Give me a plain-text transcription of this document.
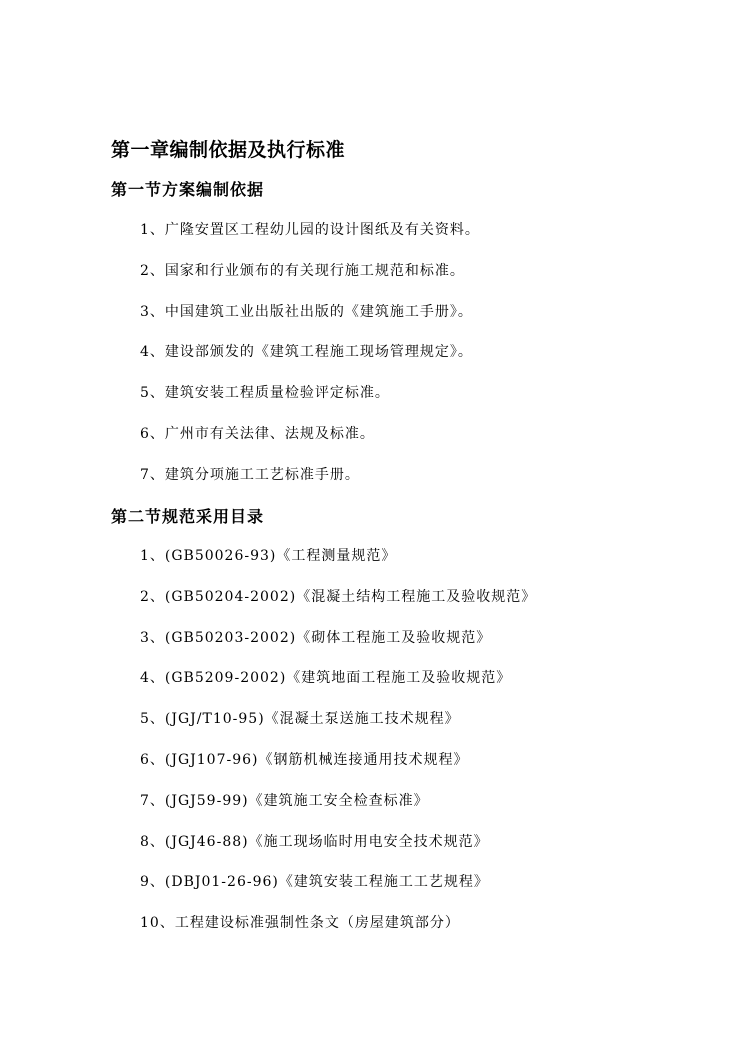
第一章编制依据及执行标准
第一节方案编制依据
1、广隆安置区工程幼儿园的设计图纸及有关资料。
2、国家和行业颁布的有关现行施工规范和标准。
3、中国建筑工业出版社出版的《建筑施工手册》。
4、建设部颁发的《建筑工程施工现场管理规定》。
5、建筑安装工程质量检验评定标准。
6、广州市有关法律、法规及标准。
7、建筑分项施工工艺标准手册。
第二节规范采用目录
1、(GB50026-93)《工程测量规范》
2、(GB50204-2002)《混凝土结构工程施工及验收规范》
3、(GB50203-2002)《砌体工程施工及验收规范》
4、(GB5209-2002)《建筑地面工程施工及验收规范》
5、(JGJ/T10-95)《混凝土泵送施工技术规程》
6、(JGJ107-96)《钢筋机械连接通用技术规程》
7、(JGJ59-99)《建筑施工安全检查标准》
8、(JGJ46-88)《施工现场临时用电安全技术规范》
9、(DBJ01-26-96)《建筑安装工程施工工艺规程》
10、工程建设标准强制性条文（房屋建筑部分）
